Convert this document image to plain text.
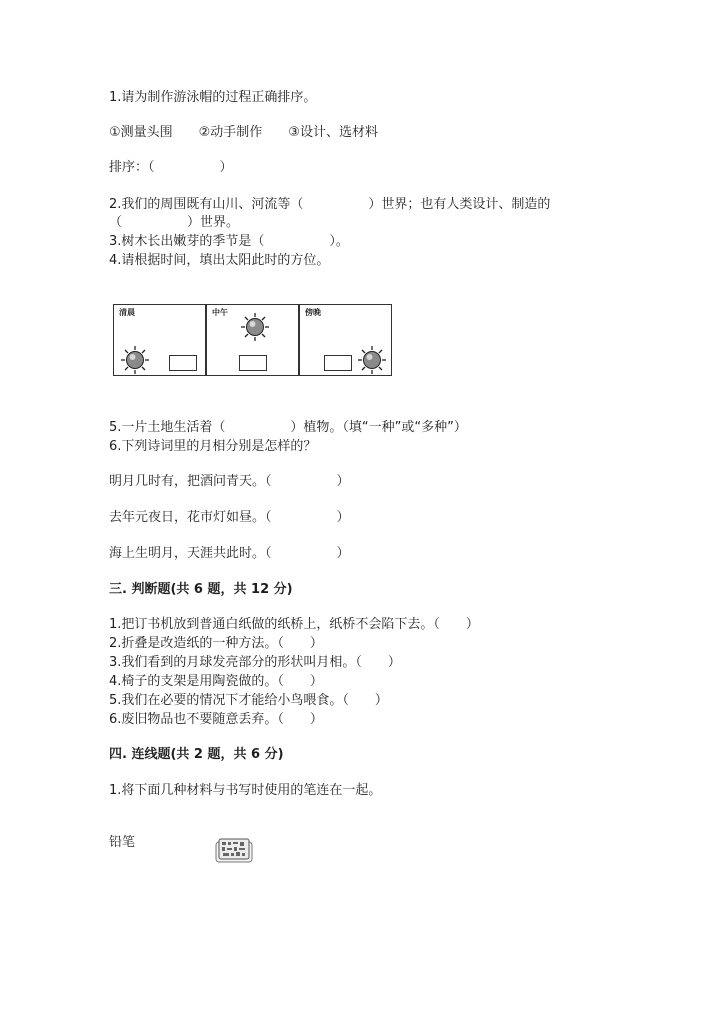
1.请为制作游泳帽的过程正确排序。

①测量头围　　②动手制作　　③设计、选材料

排序：（　　　　　）

2.我们的周围既有山川、河流等（　　　　　）世界；也有人类设计、制造的

（　　　　　）世界。

3.树木长出嫩芽的季节是（　　　　　）。

4.请根据时间，填出太阳此时的方位。

清晨	中午	傍晚

5.一片土地生活着（　　　　　）植物。（填“一种”或“多种”）

6.下列诗词里的月相分别是怎样的？

明月几时有，把酒问青天。（　　　　　）

去年元夜日，花市灯如昼。（　　　　　）

海上生明月，天涯共此时。（　　　　　）

三. 判断题(共 6 题，共 12 分)

1.把订书机放到普通白纸做的纸桥上，纸桥不会陷下去。（　　）

2.折叠是改造纸的一种方法。（　　）

3.我们看到的月球发亮部分的形状叫月相。（　　）

4.椅子的支架是用陶瓷做的。（　　）

5.我们在必要的情况下才能给小鸟喂食。（　　）

6.废旧物品也不要随意丢弃。（　　）

四. 连线题(共 2 题，共 6 分)

1.将下面几种材料与书写时使用的笔连在一起。

铅笔
